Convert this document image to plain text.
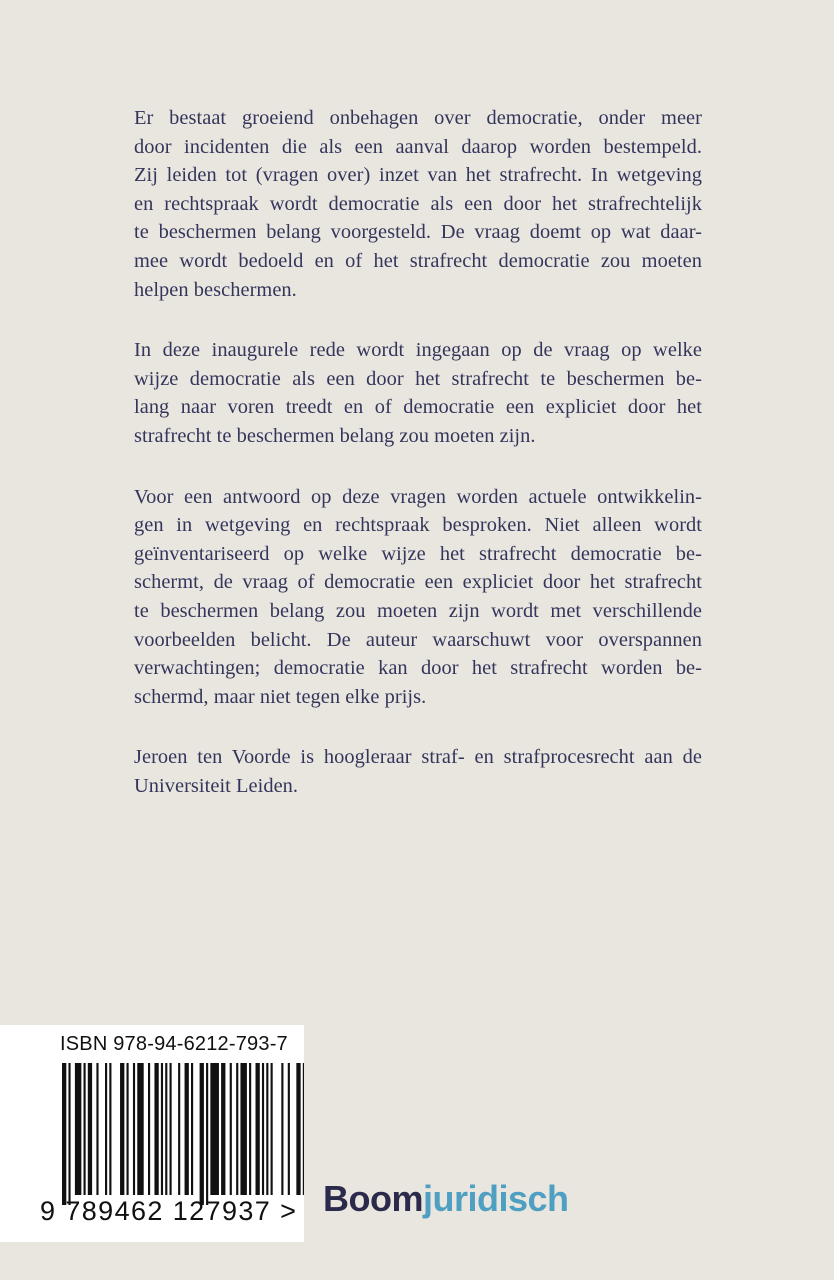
Er bestaat groeiend onbehagen over democratie, onder meer
door incidenten die als een aanval daarop worden bestempeld.
Zij leiden tot (vragen over) inzet van het strafrecht. In wetgeving
en rechtspraak wordt democratie als een door het strafrechtelijk
te beschermen belang voorgesteld. De vraag doemt op wat daar-
mee wordt bedoeld en of het strafrecht democratie zou moeten
helpen beschermen.

In deze inaugurele rede wordt ingegaan op de vraag op welke
wijze democratie als een door het strafrecht te beschermen be-
lang naar voren treedt en of democratie een expliciet door het
strafrecht te beschermen belang zou moeten zijn.

Voor een antwoord op deze vragen worden actuele ontwikkelin-
gen in wetgeving en rechtspraak besproken. Niet alleen wordt
geïnventariseerd op welke wijze het strafrecht democratie be-
schermt, de vraag of democratie een expliciet door het strafrecht
te beschermen belang zou moeten zijn wordt met verschillende
voorbeelden belicht. De auteur waarschuwt voor overspannen
verwachtingen; democratie kan door het strafrecht worden be-
schermd, maar niet tegen elke prijs.

Jeroen ten Voorde is hoogleraar straf- en strafprocesrecht aan de
Universiteit Leiden.

ISBN 978-94-6212-793-7
9 789462 127937 > Boomjuridisch
